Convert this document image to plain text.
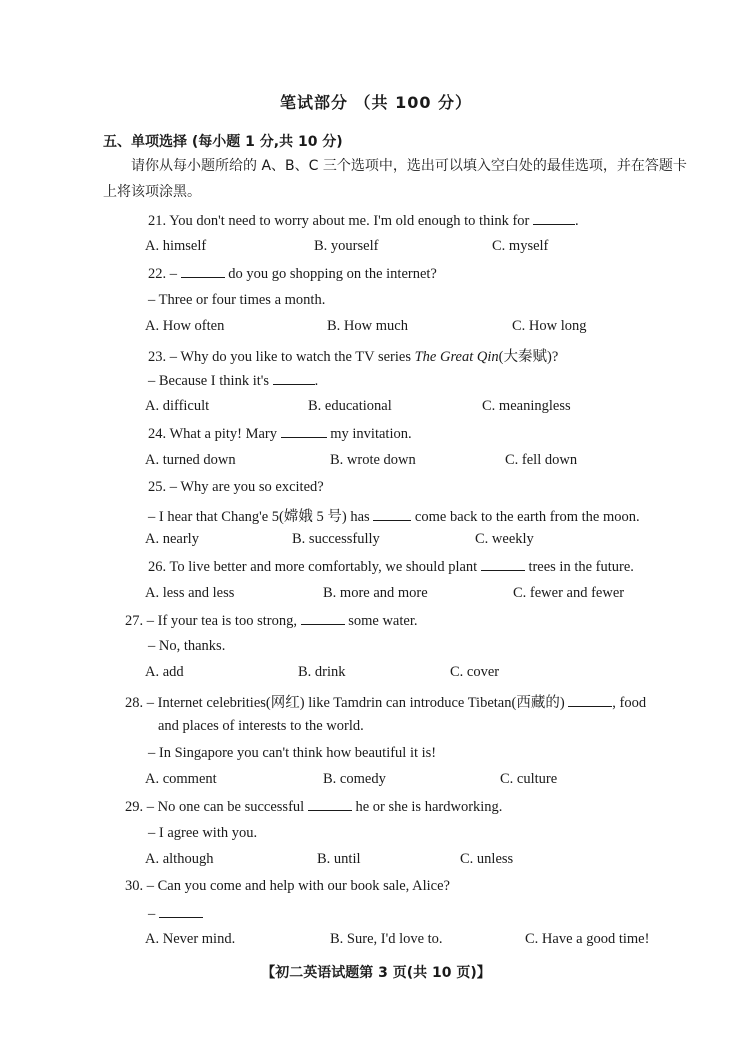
笔试部分 （共 100 分）
五、单项选择 (每小题 1 分,共 10 分)
请你从每小题所给的 A、B、C 三个选项中，选出可以填入空白处的最佳选项，并在答题卡上将该项涂黑。
21. You don't need to worry about me. I'm old enough to think for	.
A. himself	B. yourself	C. myself
22. –	do you go shopping on the internet?
– Three or four times a month.
A. How often	B. How much	C. How long
23. – Why do you like to watch the TV series The Great Qin(大秦赋)?
– Because I think it's	.
A. difficult	B. educational	C. meaningless
24. What a pity! Mary	my invitation.
A. turned down	B. wrote down	C. fell down
25. – Why are you so excited?
– I hear that Chang'e 5(嫦娥 5 号) has	come back to the earth from the moon.
A. nearly	B. successfully	C. weekly
26. To live better and more comfortably, we should plant	trees in the future.
A. less and less	B. more and more	C. fewer and fewer
27. – If your tea is too strong,	some water.
– No, thanks.
A. add	B. drink	C. cover
28. – Internet celebrities(网红) like Tamdrin can introduce Tibetan(西藏的)	, food
and places of interests to the world.
– In Singapore you can't think how beautiful it is!
A. comment	B. comedy	C. culture
29. – No one can be successful	he or she is hardworking.
– I agree with you.
A. although	B. until	C. unless
30. – Can you come and help with our book sale, Alice?
–
A. Never mind.	B. Sure, I'd love to.	C. Have a good time!
【初二英语试题第 3 页(共 10 页)】
